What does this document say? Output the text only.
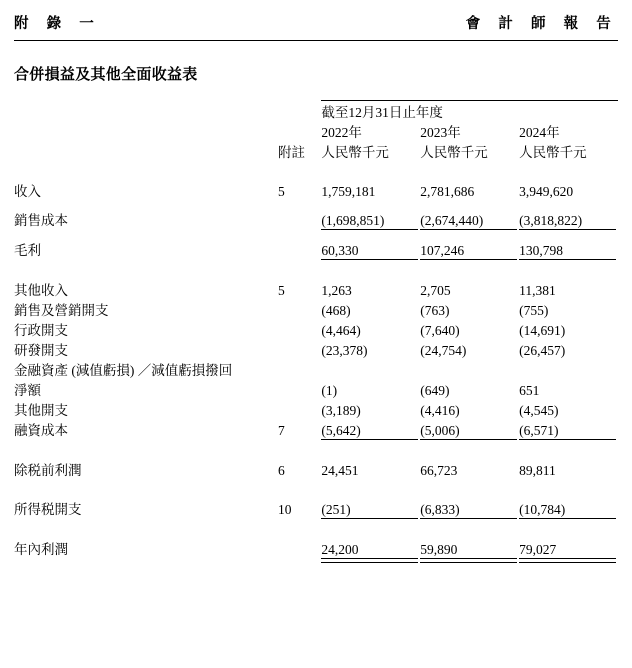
附 錄 一	會 計 師 報 告
合併損益及其他全面收益表
		截至12月31日止年度		
		2022年	2023年	2024年
	附註	人民幣千元	人民幣千元	人民幣千元

收入	5	1,759,181	2,781,686	3,949,620

銷售成本		(1,698,851)	(2,674,440)	(3,818,822)

毛利		60,330	107,246	130,798

其他收入	5	1,263	2,705	11,381
銷售及營銷開支		(468)	(763)	(755)
行政開支		(4,464)	(7,640)	(14,691)
研發開支		(23,378)	(24,754)	(26,457)
金融資產 (減值虧損) ／減值虧損撥回				
淨額		(1)	(649)	651
其他開支		(3,189)	(4,416)	(4,545)
融資成本	7	(5,642)	(5,006)	(6,571)

除税前利潤	6	24,451	66,723	89,811

所得税開支	10	(251)	(6,833)	(10,784)

年內利潤		24,200	59,890	79,027
